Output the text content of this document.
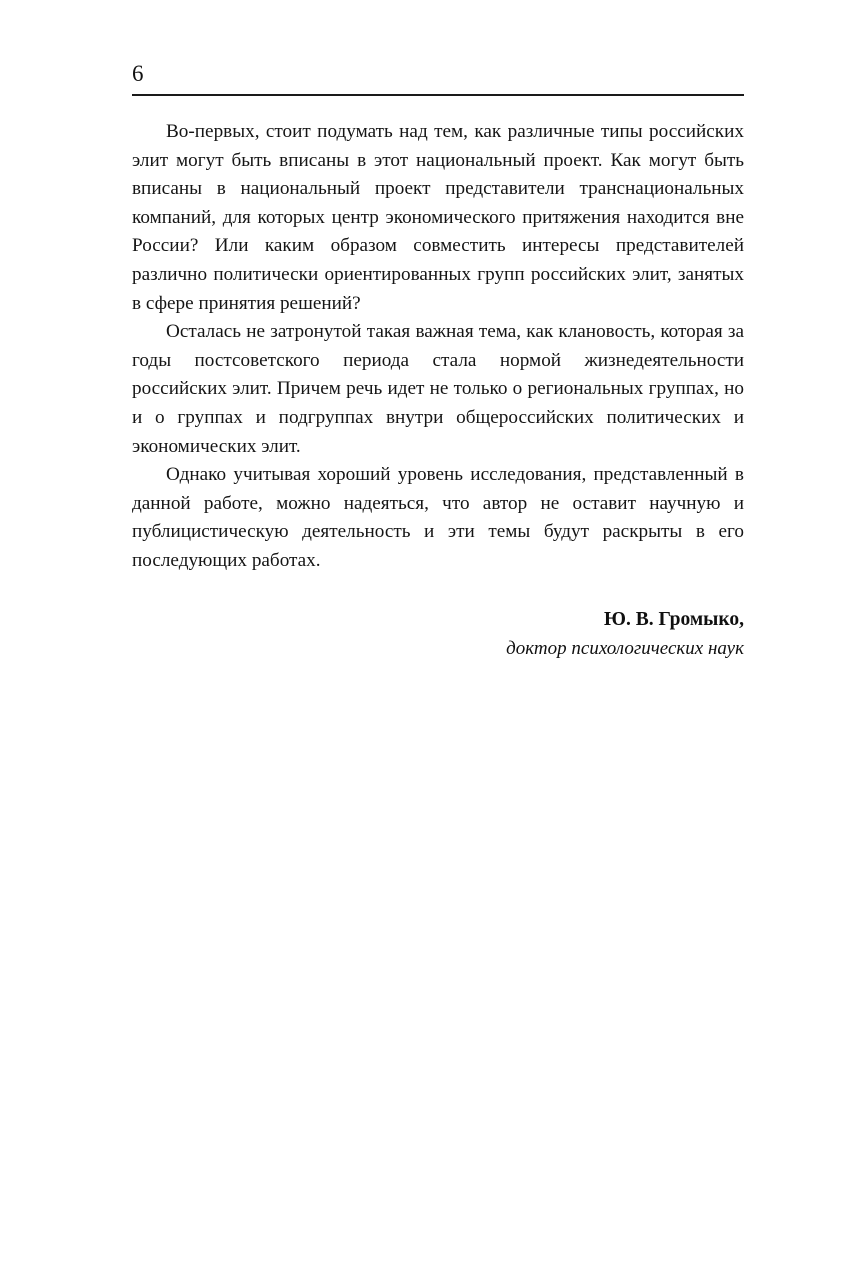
6

Во-первых, стоит подумать над тем, как различные типы российских элит могут быть вписаны в этот национальный проект. Как могут быть вписаны в национальный проект представители транснациональных компаний, для которых центр экономического притяжения находится вне России? Или каким образом совместить интересы представителей различно политически ориентированных групп российских элит, занятых в сфере принятия решений?

Осталась не затронутой такая важная тема, как клановость, которая за годы постсоветского периода стала нормой жизнедеятельности российских элит. Причем речь идет не только о региональных группах, но и о группах и подгруппах внутри общероссийских политических и экономических элит.

Однако учитывая хороший уровень исследования, представленный в данной работе, можно надеяться, что автор не оставит научную и публицистическую деятельность и эти темы будут раскрыты в его последующих работах.

Ю. В. Громыко,
доктор психологических наук
